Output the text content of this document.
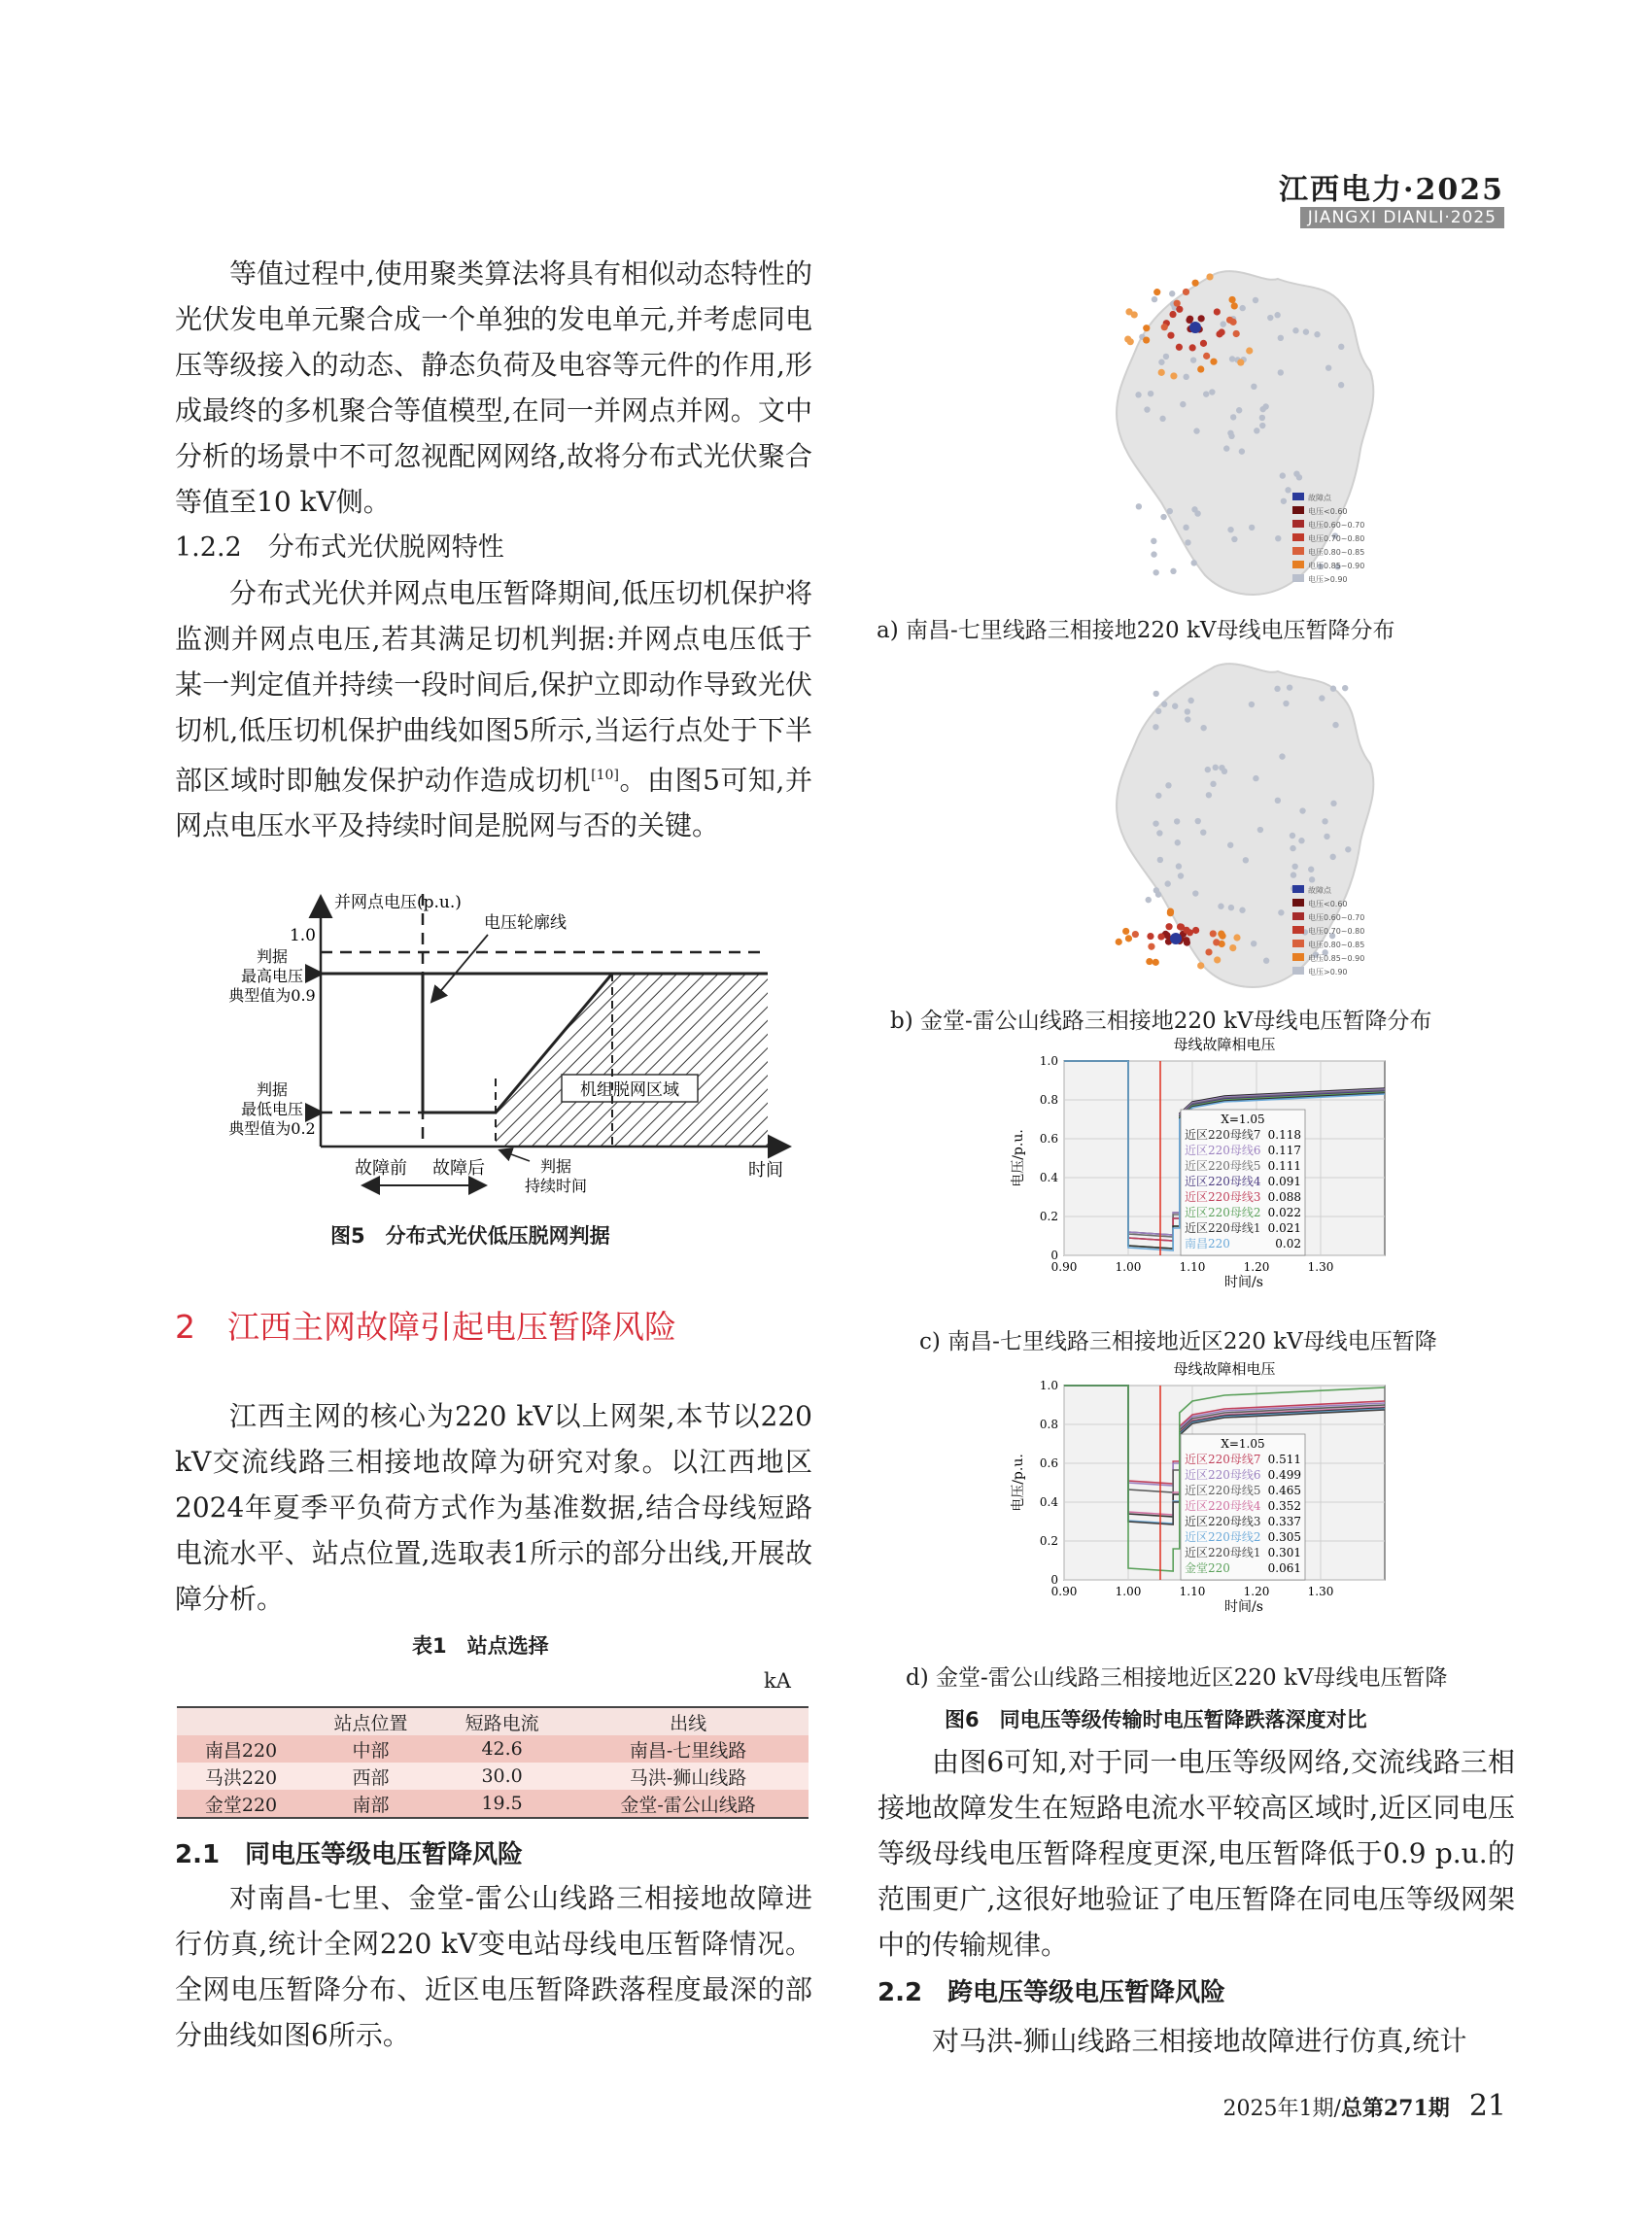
江西电力·2025
JIANGXI DIANLI·2025

等值过程中,使用聚类算法将具有相似动态特性的光伏发电单元聚合成一个单独的发电单元,并考虑同电压等级接入的动态、静态负荷及电容等元件的作用,形成最终的多机聚合等值模型,在同一并网点并网。文中分析的场景中不可忽视配网网络,故将分布式光伏聚合等值至10 kV侧。

1.2.2　分布式光伏脱网特性

分布式光伏并网点电压暂降期间,低压切机保护将监测并网点电压,若其满足切机判据:并网点电压低于某一判定值并持续一段时间后,保护立即动作导致光伏切机,低压切机保护曲线如图5所示,当运行点处于下半部区域时即触发保护动作造成切机[10]。由图5可知,并网点电压水平及持续时间是脱网与否的关键。

机组脱网区域
并网点电压(p.u.)
1.0
判据
最高电压
典型值为0.9
判据
最低电压
典型值为0.2
电压轮廓线
故障前 故障后	判据
持续时间
时间
图5　分布式光伏低压脱网判据
2　江西主网故障引起电压暂降风险

江西主网的核心为220 kV以上网架,本节以220 kV交流线路三相接地故障为研究对象。以江西地区2024年夏季平负荷方式作为基准数据,结合母线短路电流水平、站点位置,选取表1所示的部分出线,开展故障分析。

表1　站点选择
kA
	站点位置	短路电流	出线
南昌220	中部	42.6	南昌-七里线路
马洪220	西部	30.0	马洪-狮山线路
金堂220	南部	19.5	金堂-雷公山线路
2.1　同电压等级电压暂降风险

对南昌-七里、金堂-雷公山线路三相接地故障进行仿真,统计全网220 kV变电站母线电压暂降情况。全网电压暂降分布、近区电压暂降跌落程度最深的部分曲线如图6所示。

故障点
电压<0.60
电压0.60~0.70
电压0.70~0.80
电压0.80~0.85
电压0.85~0.90
电压>0.90
a) 南昌-七里线路三相接地220 kV母线电压暂降分布
故障点
电压<0.60
电压0.60~0.70
电压0.70~0.80
电压0.80~0.85
电压0.85~0.90
电压>0.90
b) 金堂-雷公山线路三相接地220 kV母线电压暂降分布
母线故障相电压
0
0.2
0.4
0.6
0.8
1.0
0.90	1.00	1.10	1.20	1.30
时间/s
电压/p.u.
X=1.05
近区220母线7 0.118
近区220母线6 0.117
近区220母线5 0.111
近区220母线4 0.091
近区220母线3 0.088
近区220母线2 0.022
近区220母线1 0.021
南昌220	0.02
c) 南昌-七里线路三相接地近区220 kV母线电压暂降
母线故障相电压
0
0.2
0.4
0.6
0.8
1.0
0.90	1.00	1.10	1.20	1.30
时间/s
电压/p.u.
X=1.05
近区220母线7 0.511
近区220母线6 0.499
近区220母线5 0.465
近区220母线4 0.352
近区220母线3 0.337
近区220母线2 0.305
近区220母线1 0.301
金堂220	0.061
d) 金堂-雷公山线路三相接地近区220 kV母线电压暂降
图6　同电压等级传输时电压暂降跌落深度对比

由图6可知,对于同一电压等级网络,交流线路三相接地故障发生在短路电流水平较高区域时,近区同电压等级母线电压暂降程度更深,电压暂降低于0.9 p.u.的范围更广,这很好地验证了电压暂降在同电压等级网架中的传输规律。

2.2　跨电压等级电压暂降风险

对马洪-狮山线路三相接地故障进行仿真,统计

2025年1期/总第271期 21
